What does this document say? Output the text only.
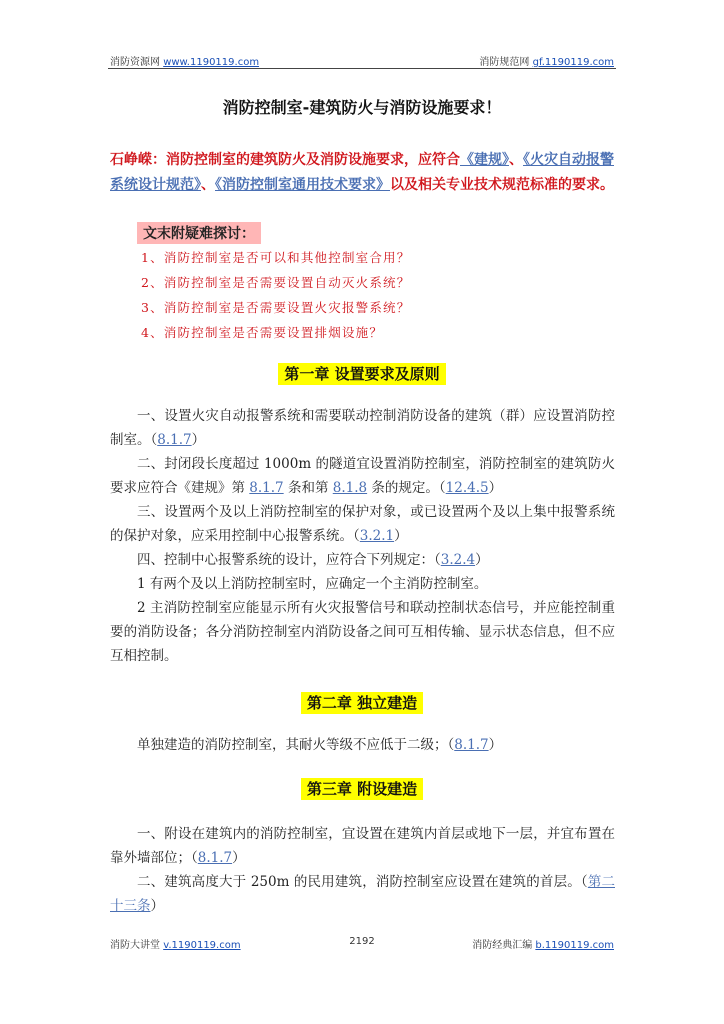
消防资源网 www.1190119.com	消防规范网 gf.1190119.com
消防控制室-建筑防火与消防设施要求！
石峥嵘：消防控制室的建筑防火及消防设施要求，应符合《建规》、《火灾自动报警系统设计规范》、《消防控制室通用技术要求》以及相关专业技术规范标准的要求。
文末附疑难探讨：
1、消防控制室是否可以和其他控制室合用？
2、消防控制室是否需要设置自动灭火系统？
3、消防控制室是否需要设置火灾报警系统？
4、消防控制室是否需要设置排烟设施？
第一章 设置要求及原则
一、设置火灾自动报警系统和需要联动控制消防设备的建筑（群）应设置消防控制室。（8.1.7）
二、封闭段长度超过 1000m 的隧道宜设置消防控制室，消防控制室的建筑防火要求应符合《建规》第 8.1.7 条和第 8.1.8 条的规定。（12.4.5）
三、设置两个及以上消防控制室的保护对象，或已设置两个及以上集中报警系统的保护对象，应采用控制中心报警系统。（3.2.1）
四、控制中心报警系统的设计，应符合下列规定：（3.2.4）
1 有两个及以上消防控制室时，应确定一个主消防控制室。
2 主消防控制室应能显示所有火灾报警信号和联动控制状态信号，并应能控制重要的消防设备；各分消防控制室内消防设备之间可互相传输、显示状态信息，但不应互相控制。
第二章 独立建造
单独建造的消防控制室，其耐火等级不应低于二级；（8.1.7）
第三章 附设建造
一、附设在建筑内的消防控制室，宜设置在建筑内首层或地下一层，并宜布置在靠外墙部位；（8.1.7）
二、建筑高度大于 250m 的民用建筑，消防控制室应设置在建筑的首层。（第二十三条）
消防大讲堂 v.1190119.com	2192	消防经典汇编 b.1190119.com
